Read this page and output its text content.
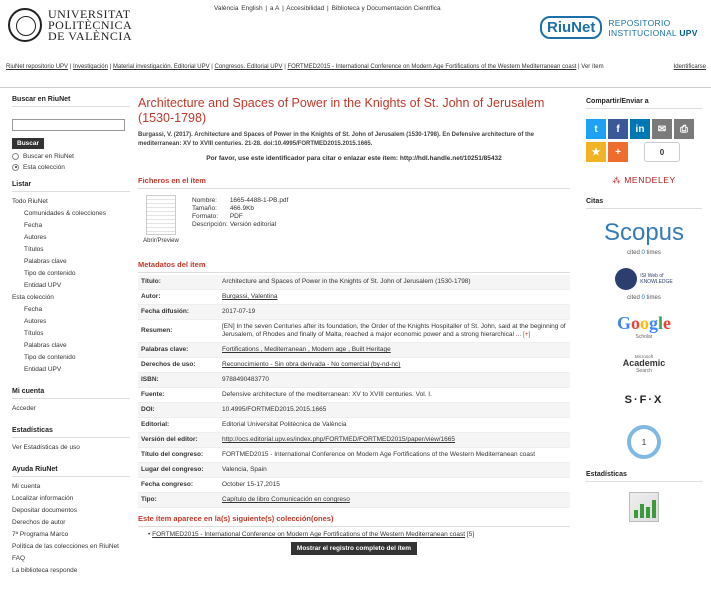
UNIVERSITAT
POLITÈCNICA
DE VALÈNCIA
València English | a A | Accesibilidad | Biblioteca y Documentación Científica
RiuNet	REPOSITORIO
INSTITUCIONAL UPV
RiuNet repositorio UPV | Investigación | Material investigación. Editorial UPV | Congresos. Editorial UPV | FORTMED2015 - International Conference on Modern Age Fortifications of the Western Mediterranean coast | Ver ítem	Identificarse
Buscar en RiuNet
Buscar
Buscar en RiuNet
Esta colección
Listar
Todo RiuNet
Comunidades & colecciones
Fecha
Autores
Títulos
Palabras clave
Tipo de contenido
Entidad UPV
Esta colección
Fecha
Autores
Títulos
Palabras clave
Tipo de contenido
Entidad UPV
Mi cuenta
Acceder
Estadísticas
Ver Estadísticas de uso
Ayuda RiuNet
Mi cuenta
Localizar información
Depositar documentos
Derechos de autor
7ª Programa Marco
Política de las colecciones en RiuNet
FAQ
La biblioteca responde
Architecture and Spaces of Power in the Knights of St. John of Jerusalem (1530-1798)
Burgassi, V. (2017). Architecture and Spaces of Power in the Knights of St. John of Jerusalem (1530-1798). En Defensive architecture of the mediterranean: XV to XVIII centuries. 21-28. doi:10.4995/FORTMED2015.2015.1665.
Por favor, use este identificador para citar o enlazar este ítem: http://hdl.handle.net/10251/85432
Ficheros en el ítem
Abrir/Preview
Nombre: 1665-4488-1-PB.pdf
Tamaño: 466.9Kb
Formato: PDF
Descripción: Versión editorial
Metadatos del ítem
Título:	Architecture and Spaces of Power in the Knights of St. John of Jerusalem (1530-1798)
Autor:	Burgassi, Valentina
Fecha difusión:	2017-07-19
Resumen:	[EN] In the seven Centuries after its foundation, the Order of the Knights Hospitaller of St. John, said at the beginning of Jerusalem, of Rhodes and finally of Malta, reached a major economic power and a strong hierarchical ... [+]
Palabras clave:	Fortifications , Mediterranean , Modern age , Built Heritage
Derechos de uso:	Reconocimiento - Sin obra derivada - No comercial (by-nd-nc)
ISBN:	9788490483770
Fuente:	Defensive architecture of the mediterranean: XV to XVIII centuries. Vol. I.
DOI:	10.4995/FORTMED2015.2015.1665
Editorial:	Editorial Universitat Politècnica de València
Versión del editor:	http://ocs.editorial.upv.es/index.php/FORTMED/FORTMED2015/paper/view/1665
Título del congreso:	FORTMED2015 - International Conference on Modern Age Fortifications of the Western Mediterranean coast
Lugar del congreso:	Valencia, Spain
Fecha congreso:	October 15-17,2015
Tipo:	Capítulo de libro Comunicación en congreso
Este ítem aparece en la(s) siguiente(s) colección(ones)
• FORTMED2015 - International Conference on Modern Age Fortifications of the Western Mediterranean coast [5]
Mostrar el registro completo del ítem
Compartir/Enviar a
t	f	in	✉	⎙
★	+	0
⁂ MENDELEY
Citas
Scopus
cited 0 times
ISI Web of
KNOWLEDGE
cited 0 times
Google
Scholar
Microsoft
Academic
Search
S·F·X
1
Estadísticas
